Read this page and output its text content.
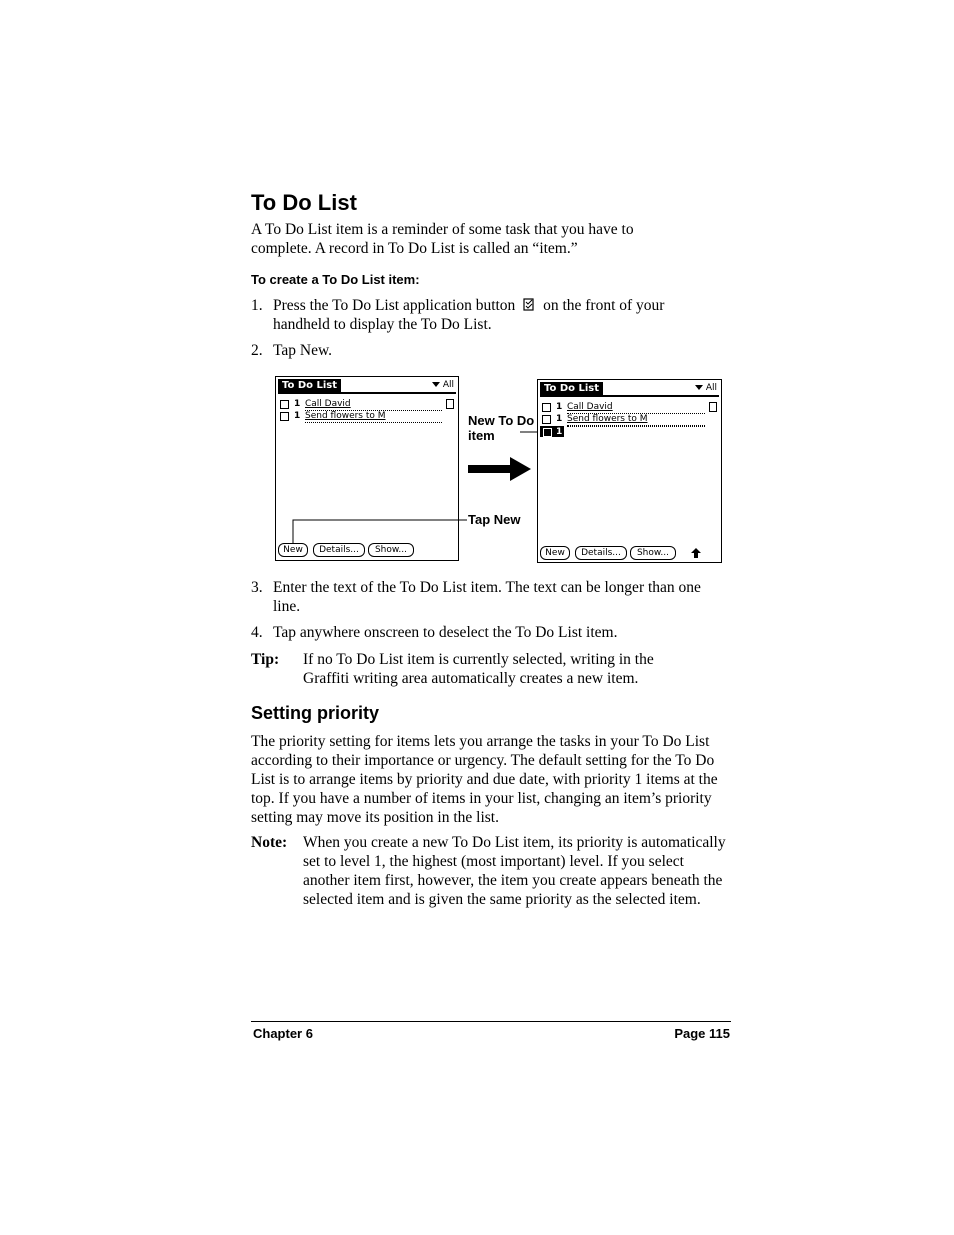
To Do List
A To Do List item is a reminder of some task that you have to complete. A record in To Do List is called an “item.”
To create a To Do List item:
1. Press the To Do List application button on the front of your handheld to display the To Do List.
2. Tap New.
To Do List	All
1 Call David
1 Send flowers to M
New	Details...	Show...
Tap New
New To Do item
To Do List	All
1 Call David
1 Send flowers to M
1
New	Details...	Show...
3. Enter the text of the To Do List item. The text can be longer than one line.
4. Tap anywhere onscreen to deselect the To Do List item.
Tip: If no To Do List item is currently selected, writing in the Graffiti writing area automatically creates a new item.
Setting priority
The priority setting for items lets you arrange the tasks in your To Do List according to their importance or urgency. The default setting for the To Do List is to arrange items by priority and due date, with priority 1 items at the top. If you have a number of items in your list, changing an item’s priority setting may move its position in the list.
Note: When you create a new To Do List item, its priority is automatically set to level 1, the highest (most important) level. If you select another item first, however, the item you create appears beneath the selected item and is given the same priority as the selected item.
Chapter 6	Page 115
